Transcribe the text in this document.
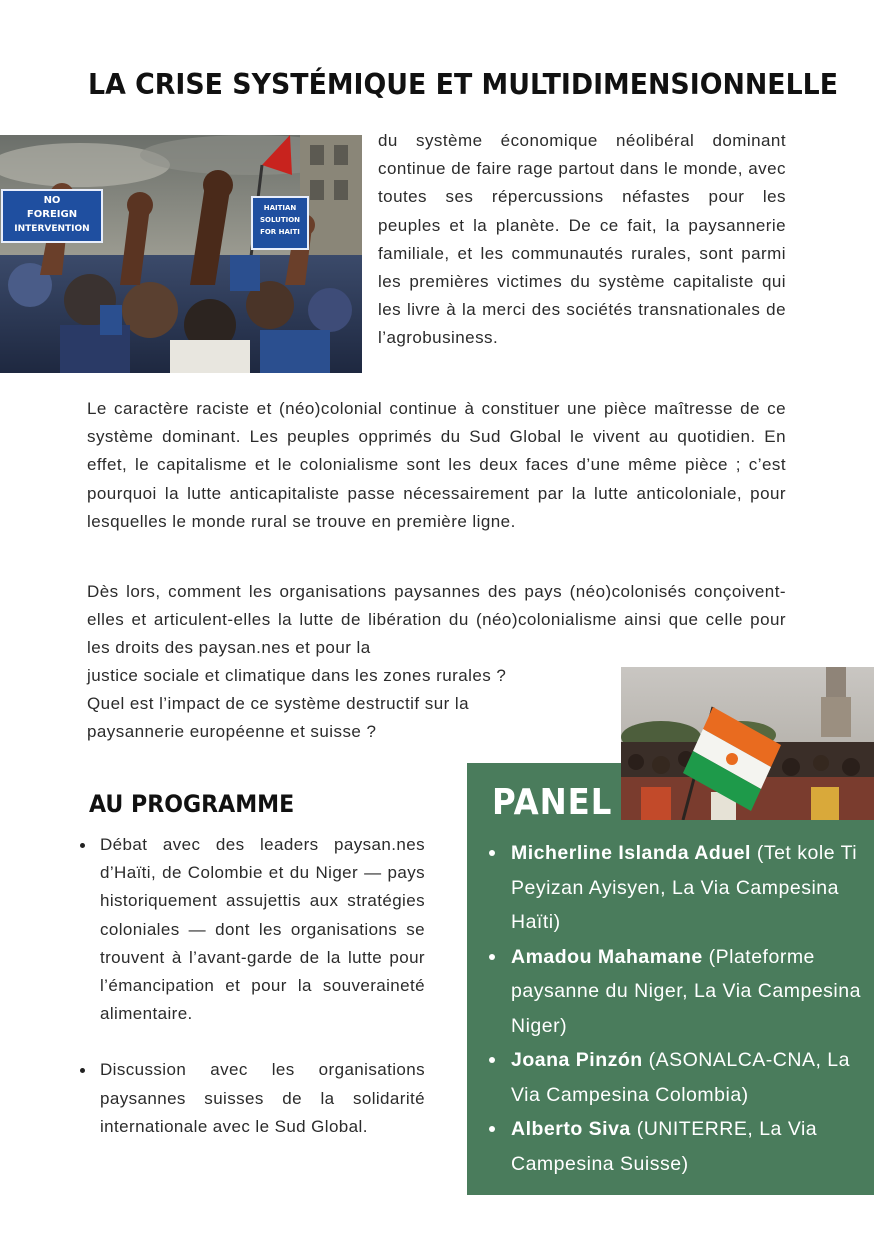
LA CRISE SYSTÉMIQUE ET MULTIDIMENSIONNELLE
NO
FOREIGN
INTERVENTION
HAITIAN
SOLUTION
FOR HAITI

du système économique néolibéral dominant continue de faire rage partout dans le monde, avec toutes ses répercussions néfastes pour les peuples et la planète. De ce fait, la paysannerie familiale, et les communautés rurales, sont parmi les premières victimes du système capitaliste qui les livre à la merci des sociétés transnationales de l’agrobusiness.

Le caractère raciste et (néo)colonial continue à constituer une pièce maîtresse de ce système dominant. Les peuples opprimés du Sud Global le vivent au quotidien. En effet, le capitalisme et le colonialisme sont les deux faces d’une même pièce ; c’est pourquoi la lutte anticapitaliste passe nécessairement par la lutte anticoloniale, pour lesquelles le monde rural se trouve en première ligne.

Dès lors, comment les organisations paysannes des pays (néo)colonisés conçoivent-elles et articulent-elles la lutte de libération du (néo)colonialisme ainsi que celle pour les droits des paysan.nes et pour la

justice sociale et climatique dans les zones rurales ?
Quel est l’impact de ce système destructif sur la
paysannerie européenne et suisse ?
AU PROGRAMME
Débat avec des leaders paysan.nes d’Haïti, de Colombie et du Niger — pays historiquement assujettis aux stratégies coloniales — dont les organisations se trouvent à l’avant-garde de la lutte pour l’émancipation et pour la souveraineté alimentaire.
Discussion avec les organisations paysannes suisses de la solidarité internationale avec le Sud Global.
PANEL
Micherline Islanda Aduel (Tet kole Ti Peyizan Ayisyen, La Via Campesina Haïti)
Amadou Mahamane (Plateforme paysanne du Niger, La Via Campesina Niger)
Joana Pinzón (ASONALCA-CNA, La Via Campesina Colombia)
Alberto Siva (UNITERRE, La Via Campesina Suisse)
